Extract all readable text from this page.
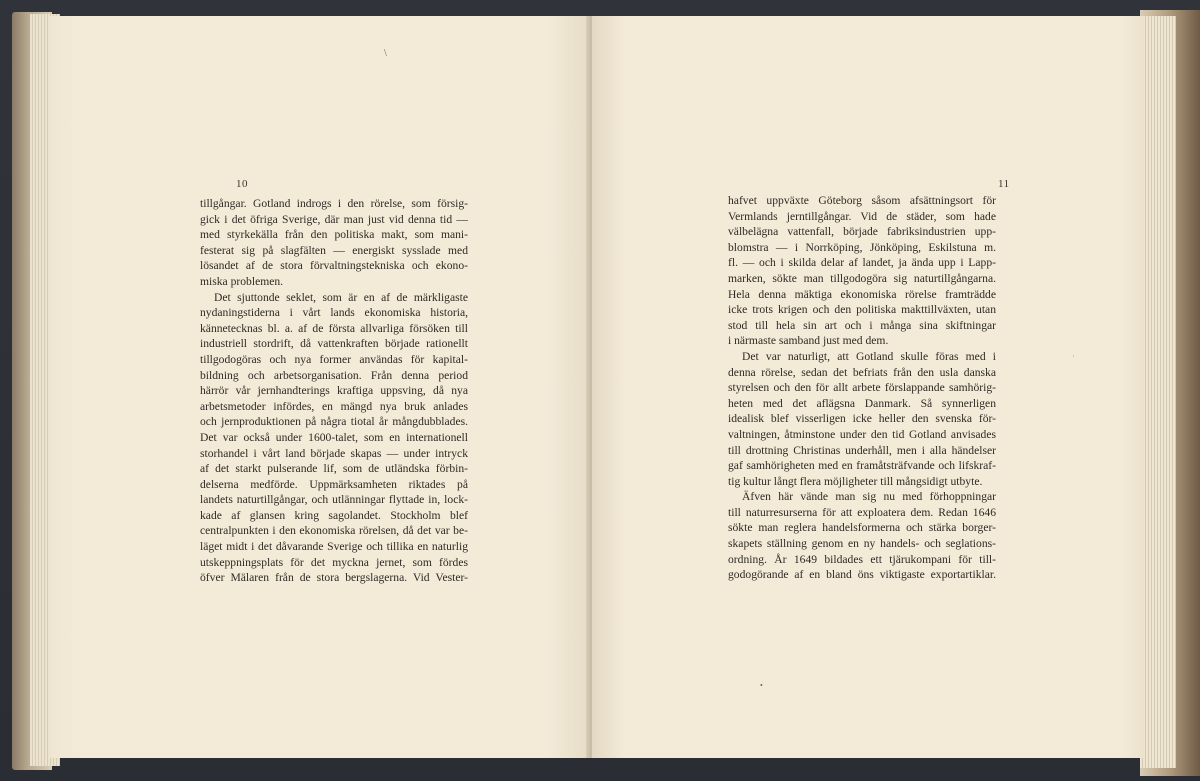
\
10
tillgångar. Gotland indrogs i den rörelse, som försig-
gick i det öfriga Sverige, där man just vid denna tid —
med styrkekälla från den politiska makt, som mani-
festerat sig på slagfälten — energiskt sysslade med
lösandet af de stora förvaltningstekniska och ekono-
miska problemen.
Det sjuttonde seklet, som är en af de märkligaste
nydaningstiderna i vårt lands ekonomiska historia,
kännetecknas bl. a. af de första allvarliga försöken till
industriell stordrift, då vattenkraften började rationellt
tillgodogöras och nya former användas för kapital-
bildning och arbetsorganisation. Från denna period
härrör vår jernhandterings kraftiga uppsving, då nya
arbetsmetoder infördes, en mängd nya bruk anlades
och jernproduktionen på några tiotal år mångdubblades.
Det var också under 1600-talet, som en internationell
storhandel i vårt land började skapas — under intryck
af det starkt pulserande lif, som de utländska förbin-
delserna medförde. Uppmärksamheten riktades på
landets naturtillgångar, och utlänningar flyttade in, lock-
kade af glansen kring sagolandet. Stockholm blef
centralpunkten i den ekonomiska rörelsen, då det var be-
läget midt i det dåvarande Sverige och tillika en naturlig
utskeppningsplats för det myckna jernet, som fördes
öfver Mälaren från de stora bergslagerna. Vid Vester-
11
hafvet uppväxte Göteborg såsom afsättningsort för
Vermlands jerntillgångar. Vid de städer, som hade
välbelägna vattenfall, började fabriksindustrien upp-
blomstra — i Norrköping, Jönköping, Eskilstuna m.
fl. — och i skilda delar af landet, ja ända upp i Lapp-
marken, sökte man tillgodogöra sig naturtillgångarna.
Hela denna mäktiga ekonomiska rörelse framträdde
icke trots krigen och den politiska makttillväxten, utan
stod till hela sin art och i många sina skiftningar
i närmaste samband just med dem.
Det var naturligt, att Gotland skulle föras med i
denna rörelse, sedan det befriats från den usla danska
styrelsen och den för allt arbete förslappande samhörig-
heten med det aflägsna Danmark. Så synnerligen
idealisk blef visserligen icke heller den svenska för-
valtningen, åtminstone under den tid Gotland anvisades
till drottning Christinas underhåll, men i alla händelser
gaf samhörigheten med en framåtsträfvande och lifskraf-
tig kultur långt flera möjligheter till mångsidigt utbyte.
Äfven här vände man sig nu med förhoppningar
till naturresurserna för att exploatera dem. Redan 1646
sökte man reglera handelsformerna och stärka borger-
skapets ställning genom en ny handels- och seglations-
ordning. År 1649 bildades ett tjärukompani för till-
godogörande af en bland öns viktigaste exportartiklar.
•
ˈ
